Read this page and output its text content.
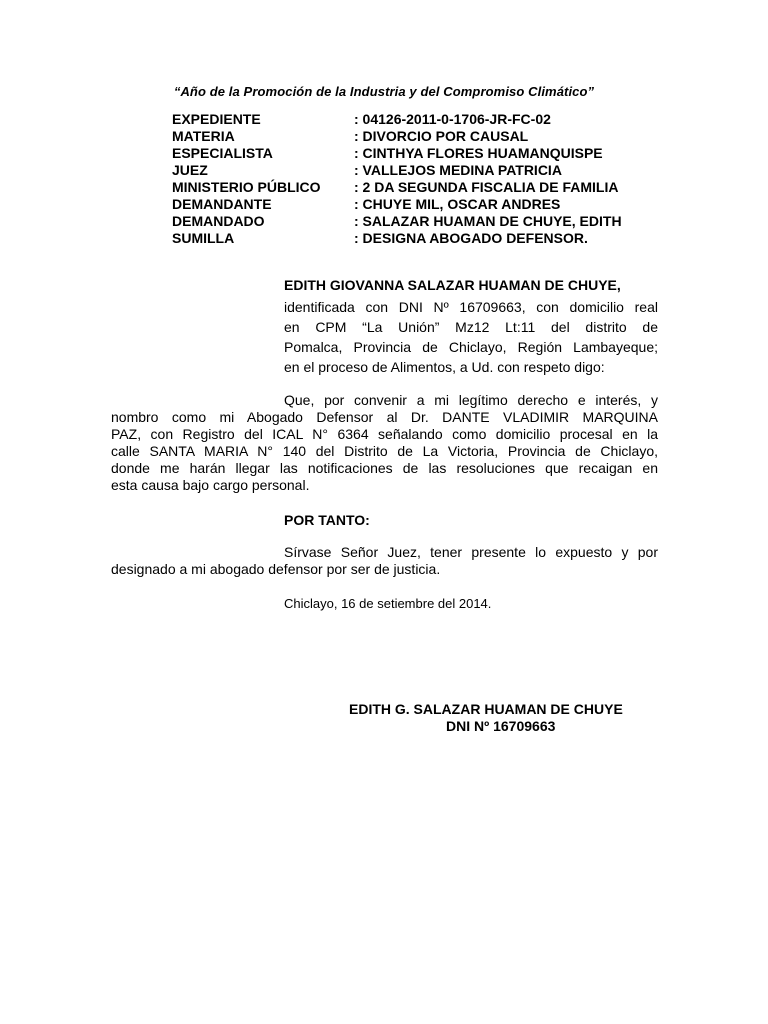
“Año de la Promoción de la Industria y del Compromiso Climático”
EXPEDIENTE	: 04126-2011-0-1706-JR-FC-02
MATERIA	: DIVORCIO POR CAUSAL
ESPECIALISTA	: CINTHYA FLORES HUAMANQUISPE
JUEZ	: VALLEJOS MEDINA PATRICIA
MINISTERIO PÚBLICO	: 2 DA SEGUNDA FISCALIA DE FAMILIA
DEMANDANTE	: CHUYE MIL, OSCAR ANDRES
DEMANDADO	: SALAZAR HUAMAN DE CHUYE, EDITH
SUMILLA	: DESIGNA ABOGADO DEFENSOR.
EDITH GIOVANNA SALAZAR HUAMAN DE CHUYE,
identificada con DNI Nº 16709663, con domicilio real
en CPM “La Unión” Mz12 Lt:11 del distrito de
Pomalca, Provincia de Chiclayo, Región Lambayeque;
en el proceso de Alimentos, a Ud. con respeto digo:
Que, por convenir a mi legítimo derecho e interés, y
nombro como mi Abogado Defensor al Dr. DANTE VLADIMIR MARQUINA
PAZ, con Registro del ICAL N° 6364 señalando como domicilio procesal en la
calle SANTA MARIA N° 140 del Distrito de La Victoria, Provincia de Chiclayo,
donde me harán llegar las notificaciones de las resoluciones que recaigan en
esta causa bajo cargo personal.
POR TANTO:
Sírvase Señor Juez, tener presente lo expuesto y por
designado a mi abogado defensor por ser de justicia.
Chiclayo, 16 de setiembre del 2014.
EDITH G. SALAZAR HUAMAN DE CHUYE
DNI Nº 16709663
